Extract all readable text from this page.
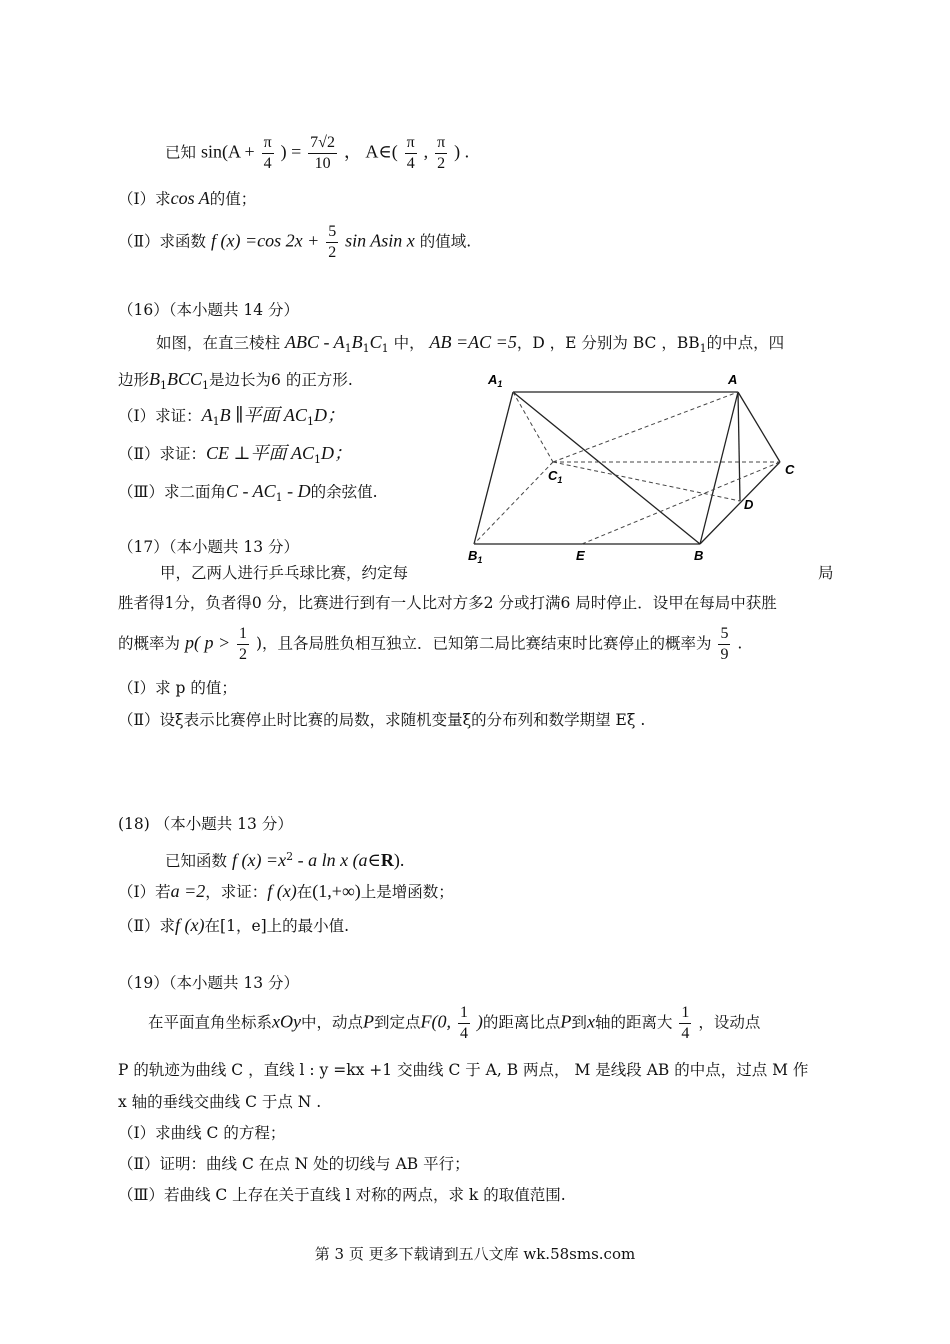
已知 $\sin(A + \frac{\pi}{4}$ ) = $\frac{7√2}{10}$ ， A∈( $\frac{\pi}{4}$ , $\frac{\pi}{2}$ ) .
（Ⅰ）求cos A的值；
（Ⅱ）求函数 f (x) =cos $2x + \frac{5}{2}$ sin Asin x 的值域.
（16）（本小题共 14 分）
如图，在直三棱柱 ABC - $A_1B_1C_1$ 中， AB =AC =5，D ，E 分别为 BC ，$BB_1$的中点，四
边形$B_1BCC_1$是边长为6 的正方形.
（Ⅰ）求证：$A_1B$ ∥平面 $AC_1D$；
（Ⅱ）求证：CE ⊥平面 $AC_1D$；
（Ⅲ）求二面角C - $AC_1$ - D的余弦值.
$A_1$	A
$C_1$
C
D
$B_1$	E	B
（17）（本小题共 13 分）
甲，乙两人进行乒乓球比赛，约定每	局
胜者得1分，负者得0 分，比赛进行到有一人比对方多2 分或打满6 局时停止．设甲在每局中获胜
的概率为 p( $p > \frac{1}{2}$ )，且各局胜负相互独立．已知第二局比赛结束时比赛停止的概率为 $\frac{5}{9}$ .
（Ⅰ）求 p 的值；
（Ⅱ）设ξ表示比赛停止时比赛的局数，求随机变量ξ的分布列和数学期望 Eξ .
(18) （本小题共 13 分）
已知函数 f $(x) =x^2 - a$ ln x (a∈R).
（Ⅰ）若a =2，求证：f (x)在(1,+∞)上是增函数；
（Ⅱ）求f (x)在[1，e]上的最小值.
（19）（本小题共 13 分）
在平面直角坐标系xOy中，动点P到定点F(0, $\frac{1}{4}$ )的距离比点P到x轴的距离大 $\frac{1}{4}$ ，设动点
P 的轨迹为曲线 C ，直线 l : y =kx +1 交曲线 C 于 A, B 两点， M 是线段 AB 的中点，过点 M 作
x 轴的垂线交曲线 C 于点 N .
（Ⅰ）求曲线 C 的方程；
（Ⅱ）证明：曲线 C 在点 N 处的切线与 AB 平行；
（Ⅲ）若曲线 C 上存在关于直线 l 对称的两点，求 k 的取值范围.
第 3 页 更多下载请到五八文库 wk.58sms.com
